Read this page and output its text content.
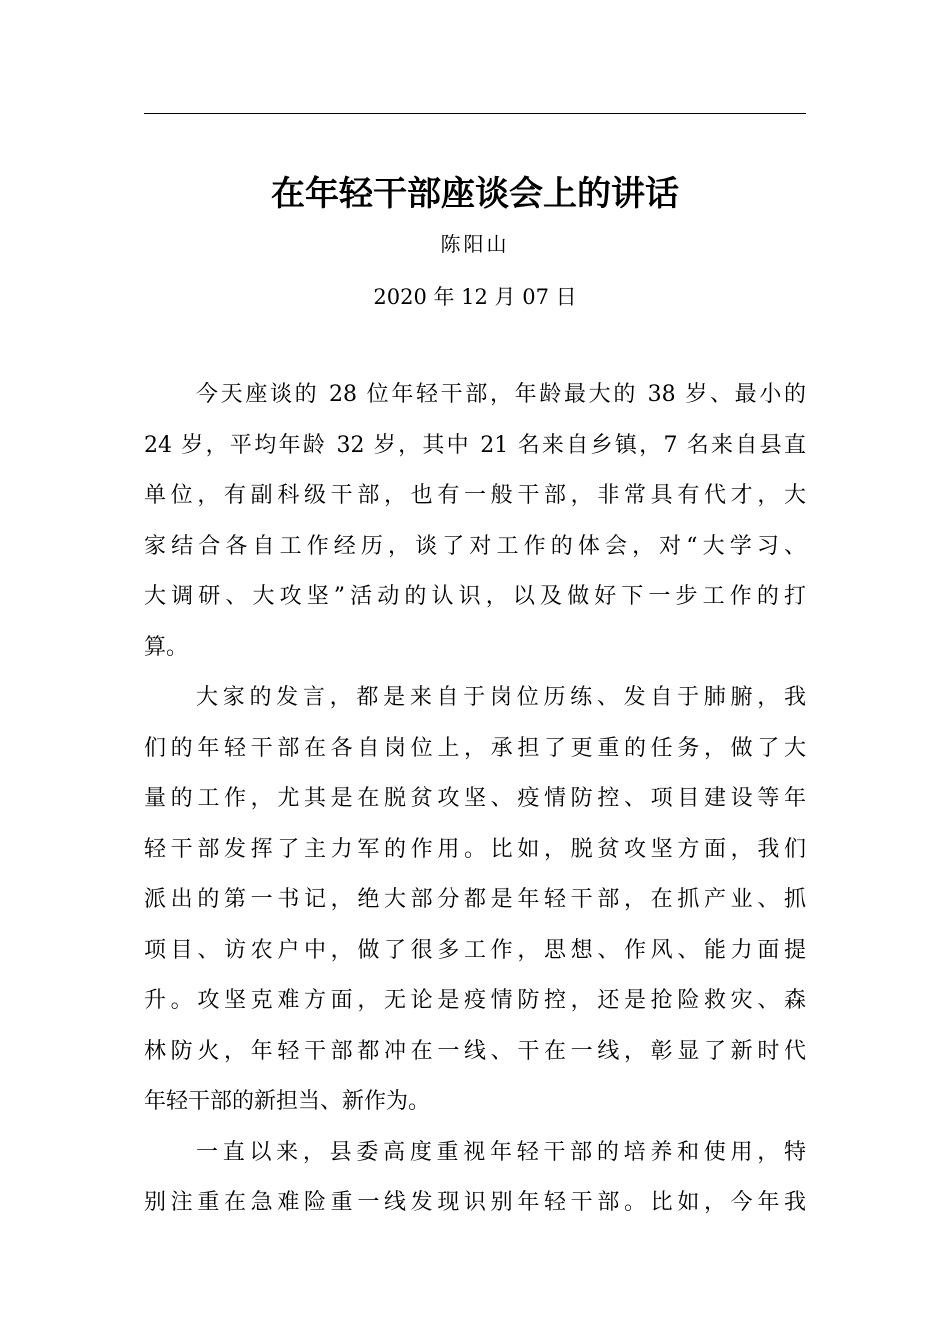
在年轻干部座谈会上的讲话
陈阳山
2020 年 12 月 07 日
今天座谈的 28 位年轻干部，年龄最大的 38 岁、最小的
24 岁，平均年龄 32 岁，其中 21 名来自乡镇，7 名来自县直
单位，有副科级干部，也有一般干部，非常具有代才，大
家结合各自工作经历，谈了对工作的体会，对“大学习、
大调研、大攻坚”活动的认识，以及做好下一步工作的打
算。
大家的发言，都是来自于岗位历练、发自于肺腑，我
们的年轻干部在各自岗位上，承担了更重的任务，做了大
量的工作，尤其是在脱贫攻坚、疫情防控、项目建设等年
轻干部发挥了主力军的作用。比如，脱贫攻坚方面，我们
派出的第一书记，绝大部分都是年轻干部，在抓产业、抓
项目、访农户中，做了很多工作，思想、作风、能力面提
升。攻坚克难方面，无论是疫情防控，还是抢险救灾、森
林防火，年轻干部都冲在一线、干在一线，彰显了新时代
年轻干部的新担当、新作为。
一直以来，县委高度重视年轻干部的培养和使用，特
别注重在急难险重一线发现识别年轻干部。比如，今年我
